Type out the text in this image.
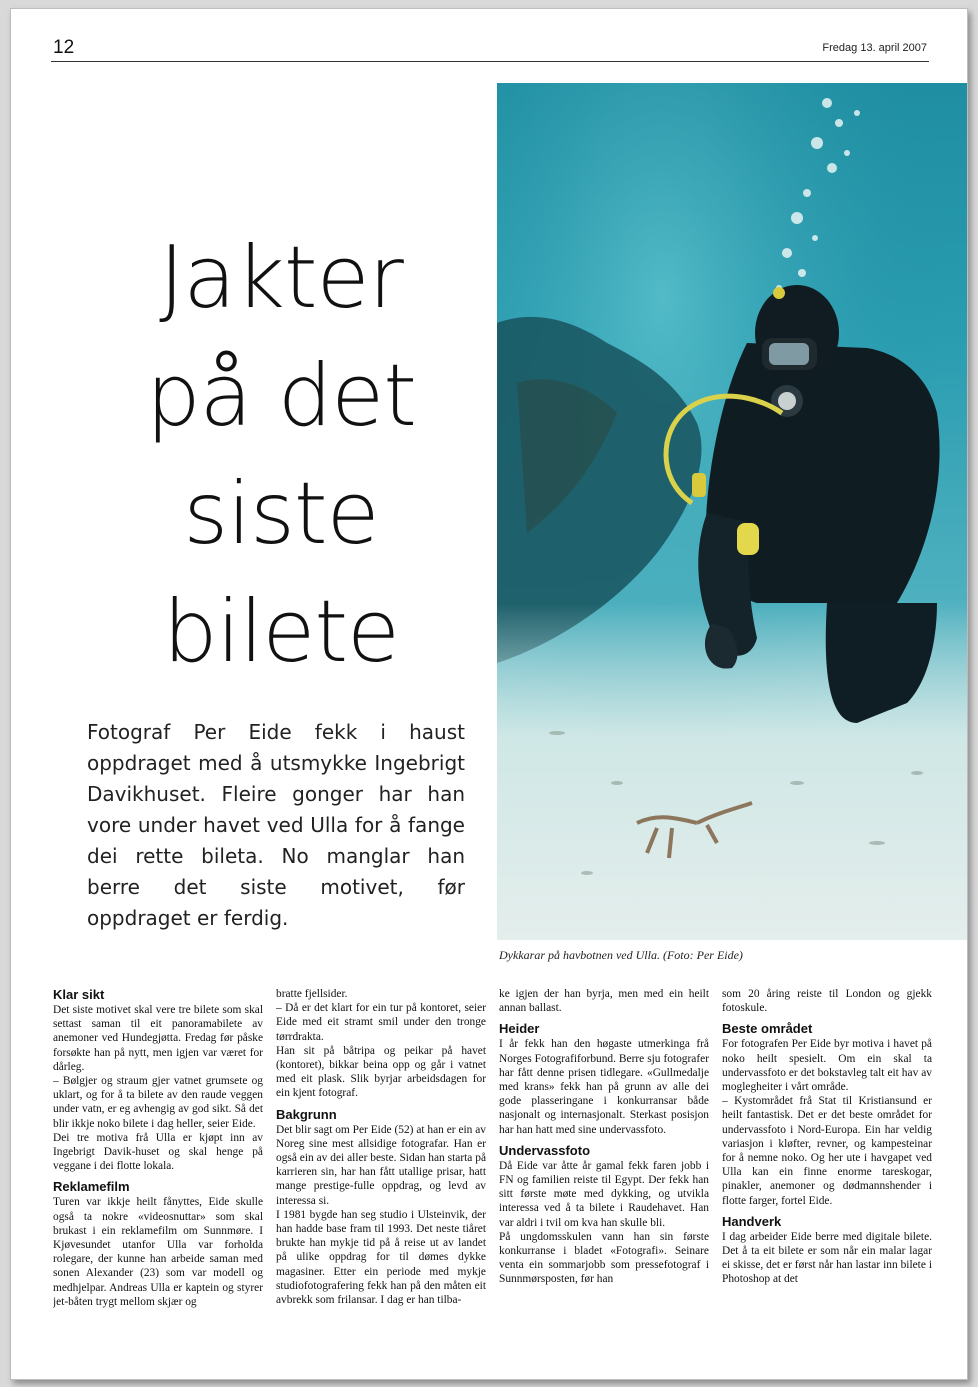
12	Fredag 13. april 2007
Jakter
på det
siste
bilete
Fotograf Per Eide fekk i haust oppdraget med å utsmykke Ingebrigt Davikhuset. Fleire gonger har han vore under havet ved Ulla for å fange dei rette bileta. No manglar han berre det siste motivet, før oppdraget er ferdig.
Dykkarar på havbotnen ved Ulla. (Foto: Per Eide)
Klar sikt

Det siste motivet skal vere tre bilete som skal settast saman til eit panoramabilete av anemoner ved Hundegjøtta. Fredag før påske forsøkte han på nytt, men igjen var været for dårleg.

– Bølgjer og straum gjer vatnet grumsete og uklart, og for å ta bilete av den raude veggen under vatn, er eg avhengig av god sikt. Så det blir ikkje noko bilete i dag heller, seier Eide.

Dei tre motiva frå Ulla er kjøpt inn av Ingebrigt Davik-huset og skal henge på veggane i dei flotte lokala.

Reklamefilm

Turen var ikkje heilt fånyttes, Eide skulle også ta nokre «videosnuttar» som skal brukast i ein reklamefilm om Sunnmøre. I Kjøvesundet utanfor Ulla var forholda rolegare, der kunne han arbeide saman med sonen Alexander (23) som var modell og medhjelpar. Andreas Ulla er kaptein og styrer jet-båten trygt mellom skjær og

bratte fjellsider.

– Då er det klart for ein tur på kontoret, seier Eide med eit stramt smil under den tronge tørrdrakta.

Han sit på båtripa og peikar på havet (kontoret), bikkar beina opp og går i vatnet med eit plask. Slik byrjar arbeidsdagen for ein kjent fotograf.

Bakgrunn

Det blir sagt om Per Eide (52) at han er ein av Noreg sine mest allsidige fotografar. Han er også ein av dei aller beste. Sidan han starta på karrieren sin, har han fått utallige prisar, hatt mange prestige-fulle oppdrag, og levd av interessa si.

I 1981 bygde han seg studio i Ulsteinvik, der han hadde base fram til 1993. Det neste tiåret brukte han mykje tid på å reise ut av landet på ulike oppdrag for til dømes dykke magasiner. Etter ein periode med mykje studiofotografering fekk han på den måten eit avbrekk som frilansar. I dag er han tilba-

ke igjen der han byrja, men med ein heilt annan ballast.

Heider

I år fekk han den høgaste utmerkinga frå Norges Fotografiforbund. Berre sju fotografer har fått denne prisen tidlegare. «Gullmedalje med krans» fekk han på grunn av alle dei gode plasseringane i konkurransar både nasjonalt og internasjonalt. Sterkast posisjon har han hatt med sine undervassfoto.

Undervassfoto

Då Eide var åtte år gamal fekk faren jobb i FN og familien reiste til Egypt. Der fekk han sitt første møte med dykking, og utvikla interessa ved å ta bilete i Raudehavet. Han var aldri i tvil om kva han skulle bli.

På ungdomsskulen vann han sin første konkurranse i bladet «Fotografi». Seinare venta ein sommarjobb som pressefotograf i Sunnmørsposten, før han

som 20 åring reiste til London og gjekk fotoskule.

Beste området

For fotografen Per Eide byr motiva i havet på noko heilt spesielt. Om ein skal ta undervassfoto er det bokstavleg talt eit hav av moglegheiter i vårt område.

– Kystområdet frå Stat til Kristiansund er heilt fantastisk. Det er det beste området for undervassfoto i Nord-Europa. Ein har veldig variasjon i kløfter, revner, og kampesteinar for å nemne noko. Og her ute i havgapet ved Ulla kan ein finne enorme tareskogar, pinakler, anemoner og dødmannshender i flotte farger, fortel Eide.

Handverk

I dag arbeider Eide berre med digitale bilete. Det å ta eit bilete er som når ein malar lagar ei skisse, det er først når han lastar inn bilete i Photoshop at det
